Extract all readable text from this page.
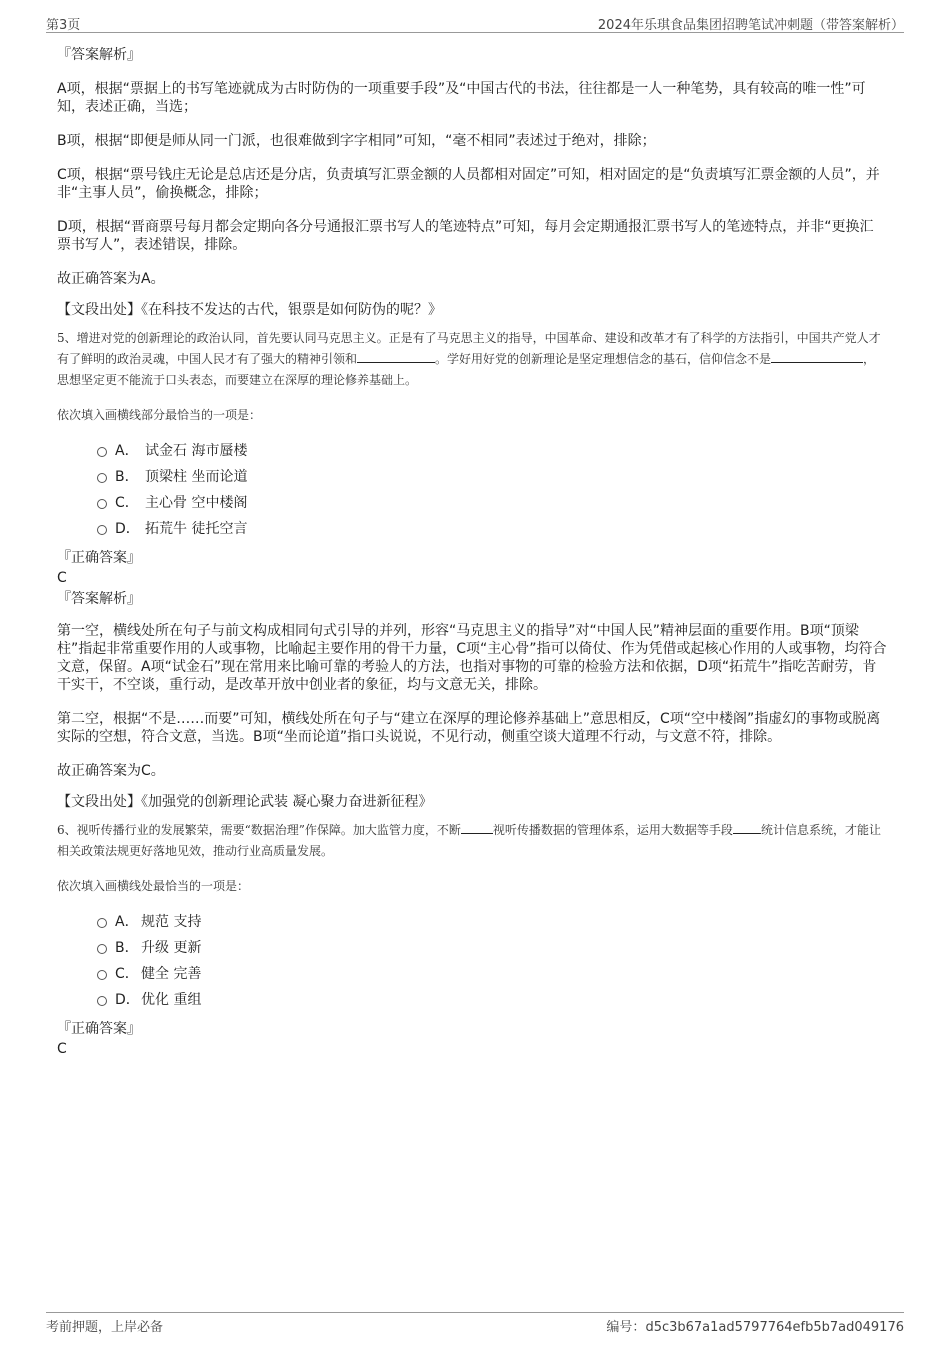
第3页	2024年乐琪食品集团招聘笔试冲刺题（带答案解析）

『答案解析』

A项，根据“票据上的书写笔迹就成为古时防伪的一项重要手段”及“中国古代的书法，往往都是一人一种笔势，具有较高的唯一性”可知，表述正确，当选；

B项，根据“即便是师从同一门派，也很难做到字字相同”可知，“毫不相同”表述过于绝对，排除；

C项，根据“票号钱庄无论是总店还是分店，负责填写汇票金额的人员都相对固定”可知，相对固定的是“负责填写汇票金额的人员”，并非“主事人员”，偷换概念，排除；

D项，根据“晋商票号每月都会定期向各分号通报汇票书写人的笔迹特点”可知，每月会定期通报汇票书写人的笔迹特点，并非“更换汇票书写人”，表述错误，排除。

故正确答案为A。

【文段出处】《在科技不发达的古代，银票是如何防伪的呢？》

5、增进对党的创新理论的政治认同，首先要认同马克思主义。正是有了马克思主义的指导，中国革命、建设和改革才有了科学的方法指引，中国共产党人才有了鲜明的政治灵魂，中国人民才有了强大的精神引领和	。学好用好党的创新理论是坚定理想信念的基石，信仰信念不是	，思想坚定更不能流于口头表态，而要建立在深厚的理论修养基础上。

依次填入画横线部分最恰当的一项是：

A． 试金石 海市蜃楼
B． 顶梁柱 坐而论道
C． 主心骨 空中楼阁
D． 拓荒牛 徒托空言

『正确答案』

C

『答案解析』

第一空，横线处所在句子与前文构成相同句式引导的并列，形容“马克思主义的指导”对“中国人民”精神层面的重要作用。B项“顶梁柱”指起非常重要作用的人或事物，比喻起主要作用的骨干力量，C项“主心骨”指可以倚仗、作为凭借或起核心作用的人或事物，均符合文意，保留。A项“试金石”现在常用来比喻可靠的考验人的方法，也指对事物的可靠的检验方法和依据，D项“拓荒牛”指吃苦耐劳，肯干实干，不空谈，重行动，是改革开放中创业者的象征，均与文意无关，排除。

第二空，根据“不是……而要”可知，横线处所在句子与“建立在深厚的理论修养基础上”意思相反，C项“空中楼阁”指虚幻的事物或脱离实际的空想，符合文意，当选。B项“坐而论道”指口头说说，不见行动，侧重空谈大道理不行动，与文意不符，排除。

故正确答案为C。

【文段出处】《加强党的创新理论武装 凝心聚力奋进新征程》

6、视听传播行业的发展繁荣，需要“数据治理”作保障。加大监管力度，不断	视听传播数据的管理体系，运用大数据等手段 统计信息系统，才能让相关政策法规更好落地见效，推动行业高质量发展。

依次填入画横线处最恰当的一项是：

A． 规范 支持
B． 升级 更新
C． 健全 完善
D． 优化 重组

『正确答案』

C

考前押题，上岸必备	编号：d5c3b67a1ad5797764efb5b7ad049176
